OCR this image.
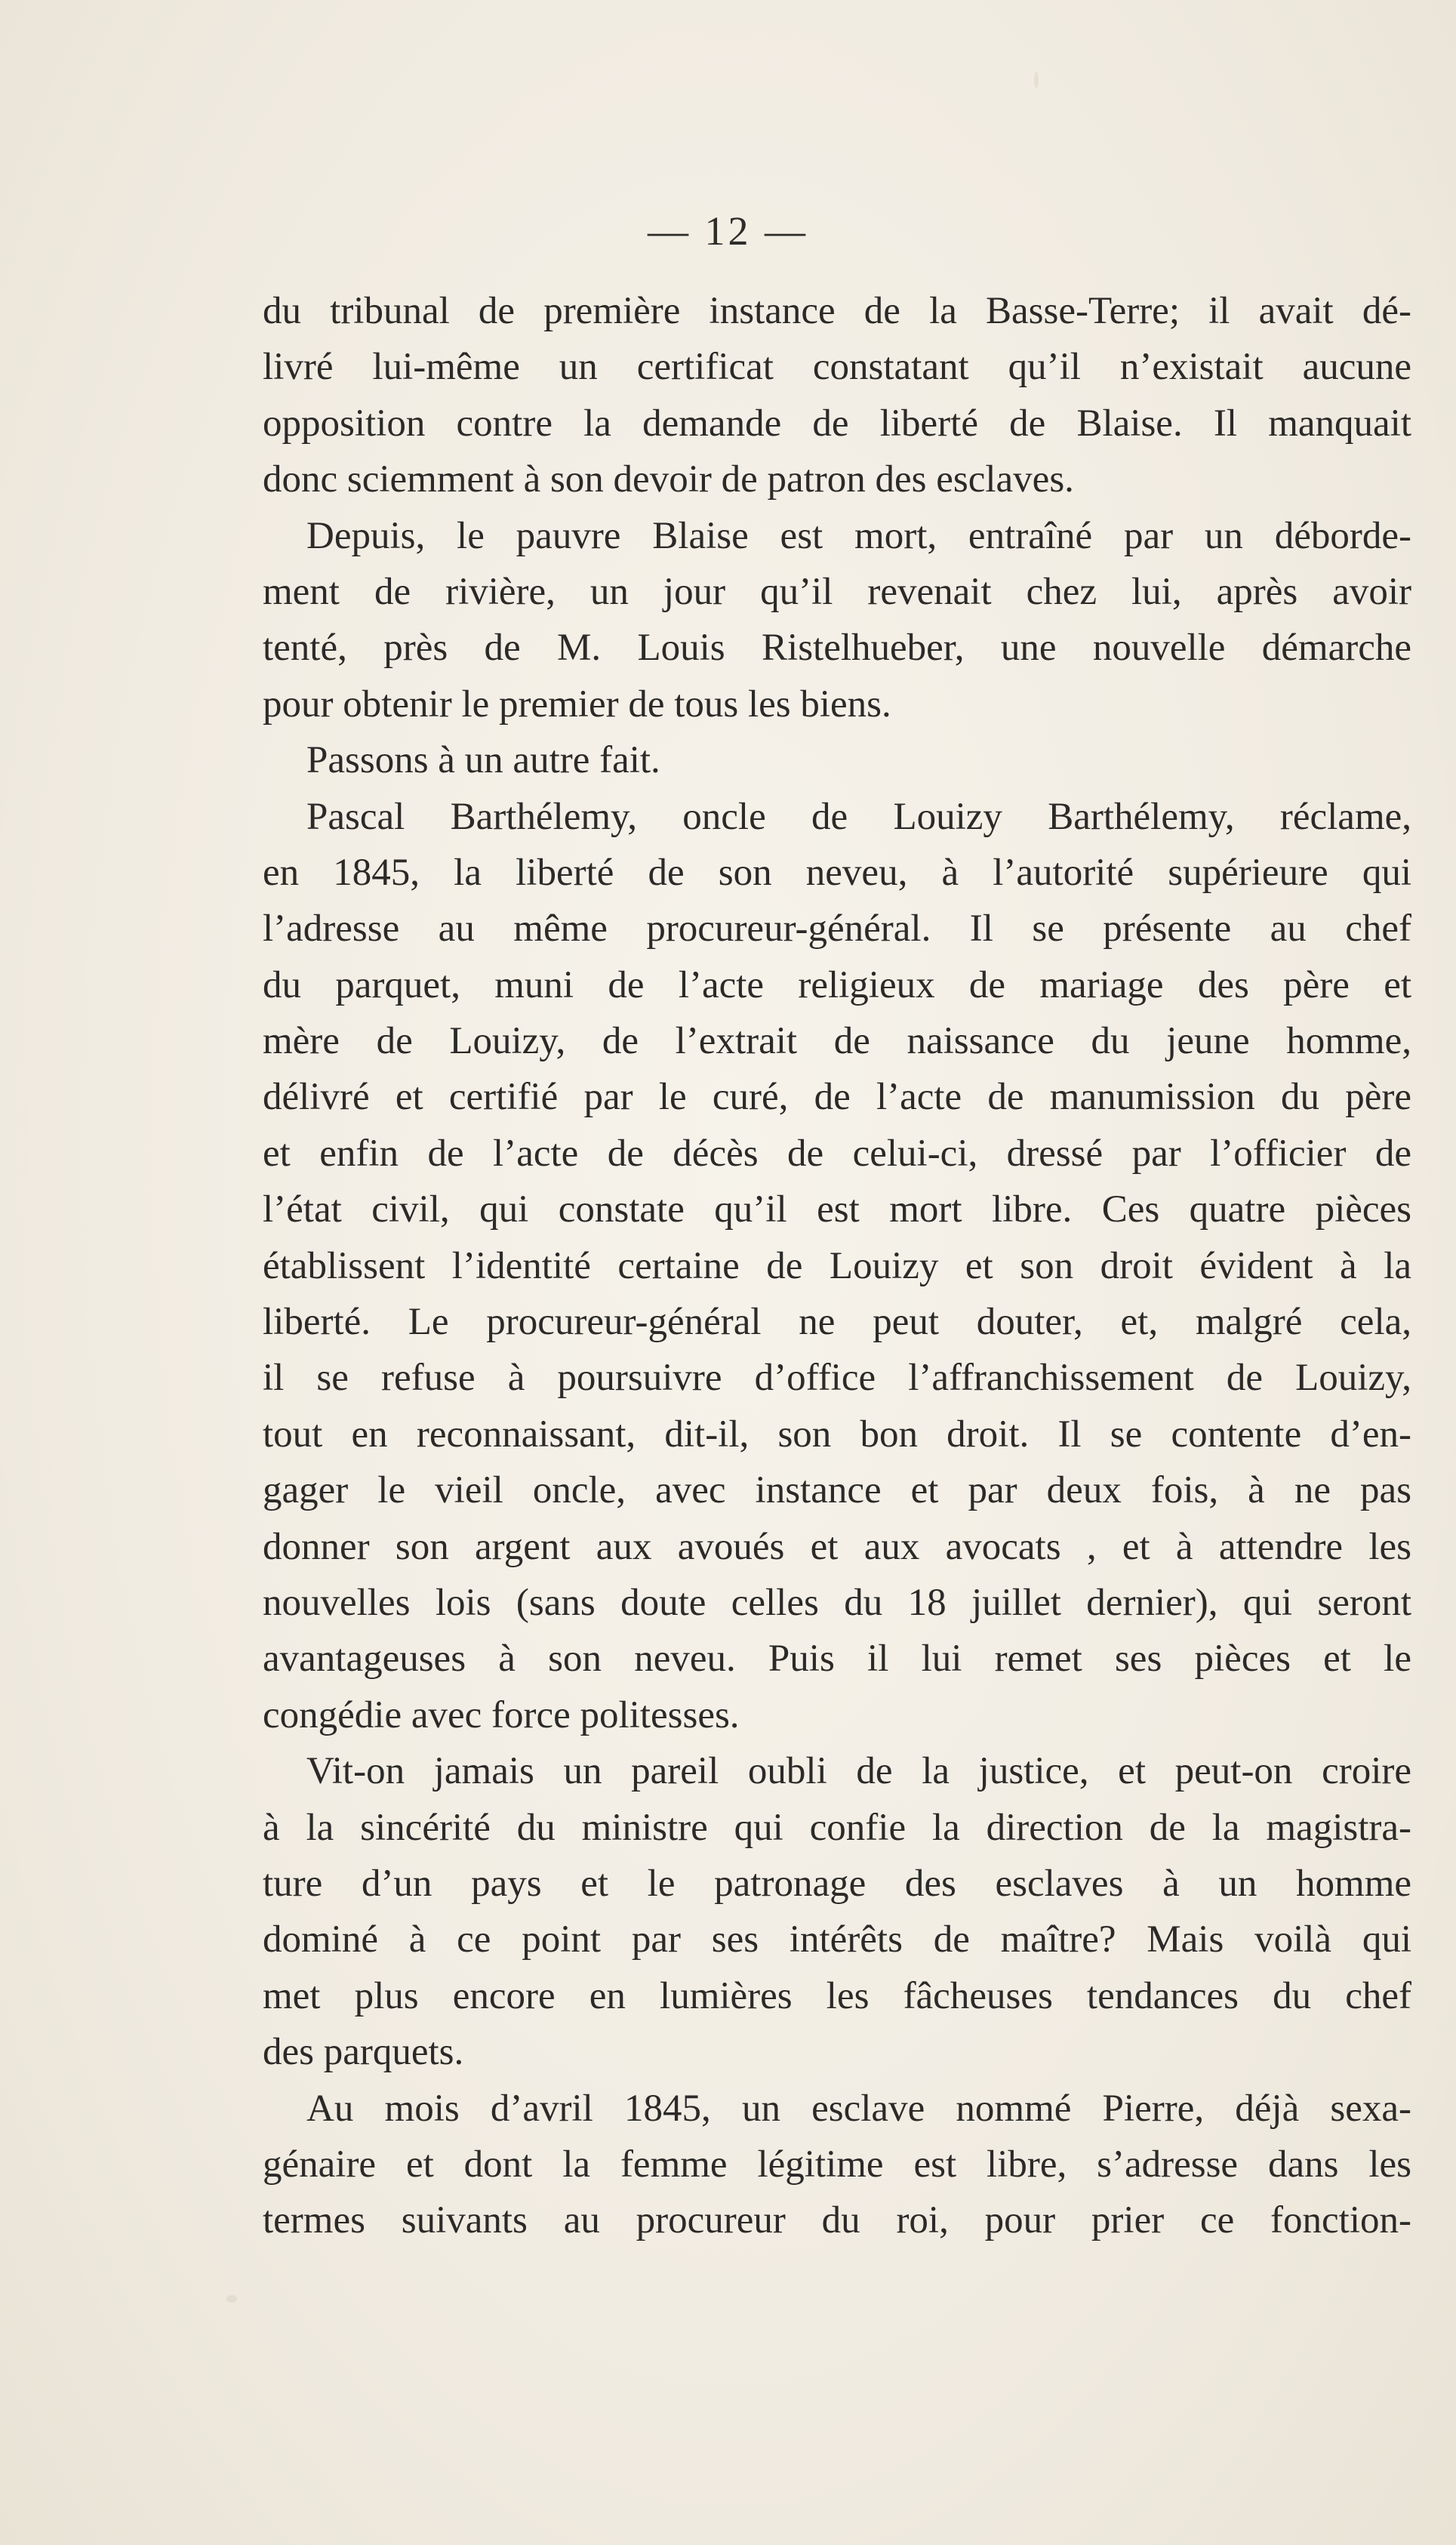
— 12 —
du tribunal de première instance de la Basse-Terre; il avait dé-
livré lui-même un certificat constatant qu’il n’existait aucune
opposition contre la demande de liberté de Blaise. Il manquait
donc sciemment à son devoir de patron des esclaves.
Depuis, le pauvre Blaise est mort, entraîné par un déborde-
ment de rivière, un jour qu’il revenait chez lui, après avoir
tenté, près de M. Louis Ristelhueber, une nouvelle démarche
pour obtenir le premier de tous les biens.
Passons à un autre fait.
Pascal Barthélemy, oncle de Louizy Barthélemy, réclame,
en 1845, la liberté de son neveu, à l’autorité supérieure qui
l’adresse au même procureur-général. Il se présente au chef
du parquet, muni de l’acte religieux de mariage des père et
mère de Louizy, de l’extrait de naissance du jeune homme,
délivré et certifié par le curé, de l’acte de manumission du père
et enfin de l’acte de décès de celui-ci, dressé par l’officier de
l’état civil, qui constate qu’il est mort libre. Ces quatre pièces
établissent l’identité certaine de Louizy et son droit évident à la
liberté. Le procureur-général ne peut douter, et, malgré cela,
il se refuse à poursuivre d’office l’affranchissement de Louizy,
tout en reconnaissant, dit-il, son bon droit. Il se contente d’en-
gager le vieil oncle, avec instance et par deux fois, à ne pas
donner son argent aux avoués et aux avocats , et à attendre les
nouvelles lois (sans doute celles du 18 juillet dernier), qui seront
avantageuses à son neveu. Puis il lui remet ses pièces et le
congédie avec force politesses.
Vit-on jamais un pareil oubli de la justice, et peut-on croire
à la sincérité du ministre qui confie la direction de la magistra-
ture d’un pays et le patronage des esclaves à un homme
dominé à ce point par ses intérêts de maître? Mais voilà qui
met plus encore en lumières les fâcheuses tendances du chef
des parquets.
Au mois d’avril 1845, un esclave nommé Pierre, déjà sexa-
génaire et dont la femme légitime est libre, s’adresse dans les
termes suivants au procureur du roi, pour prier ce fonction-
